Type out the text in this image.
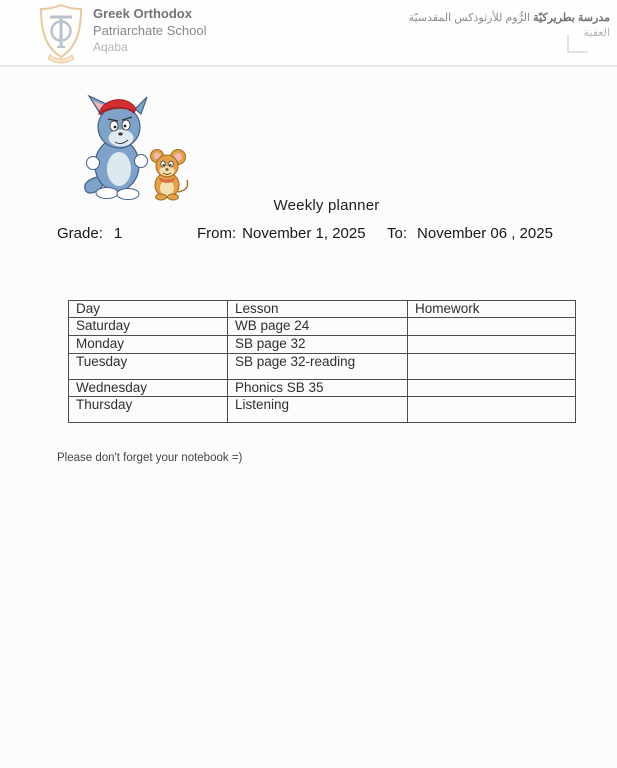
Greek Orthodox
Patriarchate School
Aqaba
مدرسة بطريركيّة الرُّوم للأرثوذكس المقدسيّة
العقبة
Weekly planner
Grade: 1	From: November 1, 2025 To: November 06 , 2025
Day	Lesson	Homework
Saturday	WB page 24	
Monday	SB page 32	
Tuesday	SB page 32-reading	
Wednesday	Phonics SB 35	
Thursday	Listening	
Please don't forget your notebook =)
